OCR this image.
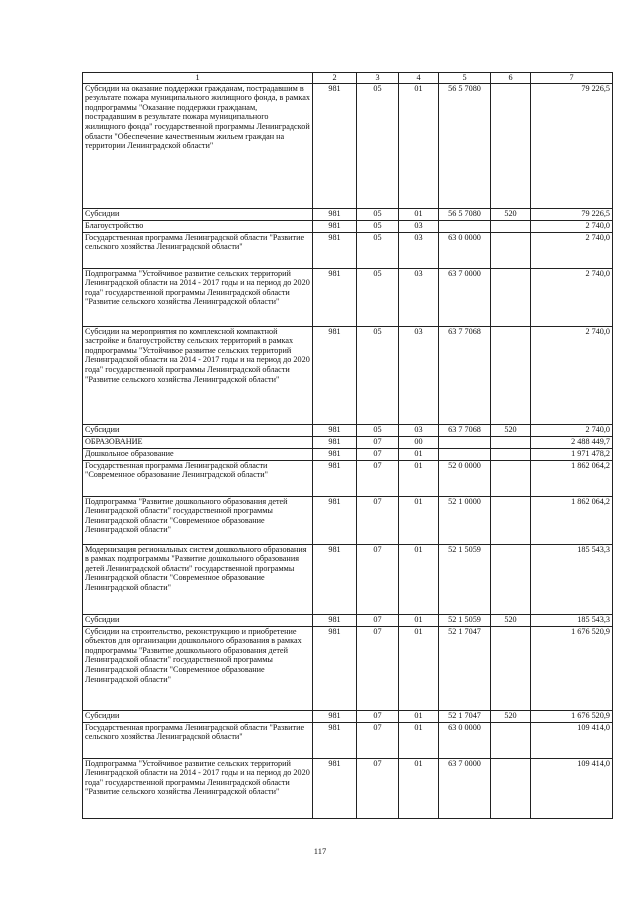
1	2	3	4	5	6	7
Субсидии на оказание поддержки гражданам, пострадавшим в результате пожара муниципального жилищного фонда, в рамках подпрограммы "Оказание поддержки гражданам, пострадавшим в результате пожара муниципального жилищного фонда" государственной программы Ленинградской области "Обеспечение качественным жильем граждан на территории Ленинградской области"	981	05	01	56 5 7080		79 226,5
Субсидии	981	05	01	56 5 7080	520	79 226,5
Благоустройство	981	05	03			2 740,0
Государственная программа Ленинградской области "Развитие сельского хозяйства Ленинградской области"	981	05	03	63 0 0000		2 740,0
Подпрограмма "Устойчивое развитие сельских территорий Ленинградской области на 2014 - 2017 годы и на период до 2020 года" государственной программы Ленинградской области "Развитие сельского хозяйства Ленинградской области"	981	05	03	63 7 0000		2 740,0
Субсидии на мероприятия по комплексной компактной застройке и благоустройству сельских территорий в рамках подпрограммы "Устойчивое развитие сельских территорий Ленинградской области на 2014 - 2017 годы и на период до 2020 года" государственной программы Ленинградской области "Развитие сельского хозяйства Ленинградской области"	981	05	03	63 7 7068		2 740,0
Субсидии	981	05	03	63 7 7068	520	2 740,0
ОБРАЗОВАНИЕ	981	07	00			2 488 449,7
Дошкольное образование	981	07	01			1 971 478,2
Государственная программа Ленинградской области "Современное образование Ленинградской области"	981	07	01	52 0 0000		1 862 064,2
Подпрограмма "Развитие дошкольного образования детей Ленинградской области" государственной программы Ленинградской области "Современное образование Ленинградской области"	981	07	01	52 1 0000		1 862 064,2
Модернизация региональных систем дошкольного образования в рамках подпрограммы "Развитие дошкольного образования детей Ленинградской области" государственной программы Ленинградской области "Современное образование Ленинградской области"	981	07	01	52 1 5059		185 543,3
Субсидии	981	07	01	52 1 5059	520	185 543,3
Субсидии на строительство, реконструкцию и приобретение объектов для организации дошкольного образования в рамках подпрограммы "Развитие дошкольного образования детей Ленинградской области" государственной программы Ленинградской области "Современное образование Ленинградской области"	981	07	01	52 1 7047		1 676 520,9
Субсидии	981	07	01	52 1 7047	520	1 676 520,9
Государственная программа Ленинградской области "Развитие сельского хозяйства Ленинградской области"	981	07	01	63 0 0000		109 414,0
Подпрограмма "Устойчивое развитие сельских территорий Ленинградской области на 2014 - 2017 годы и на период до 2020 года" государственной программы Ленинградской области "Развитие сельского хозяйства Ленинградской области"	981	07	01	63 7 0000		109 414,0
117
